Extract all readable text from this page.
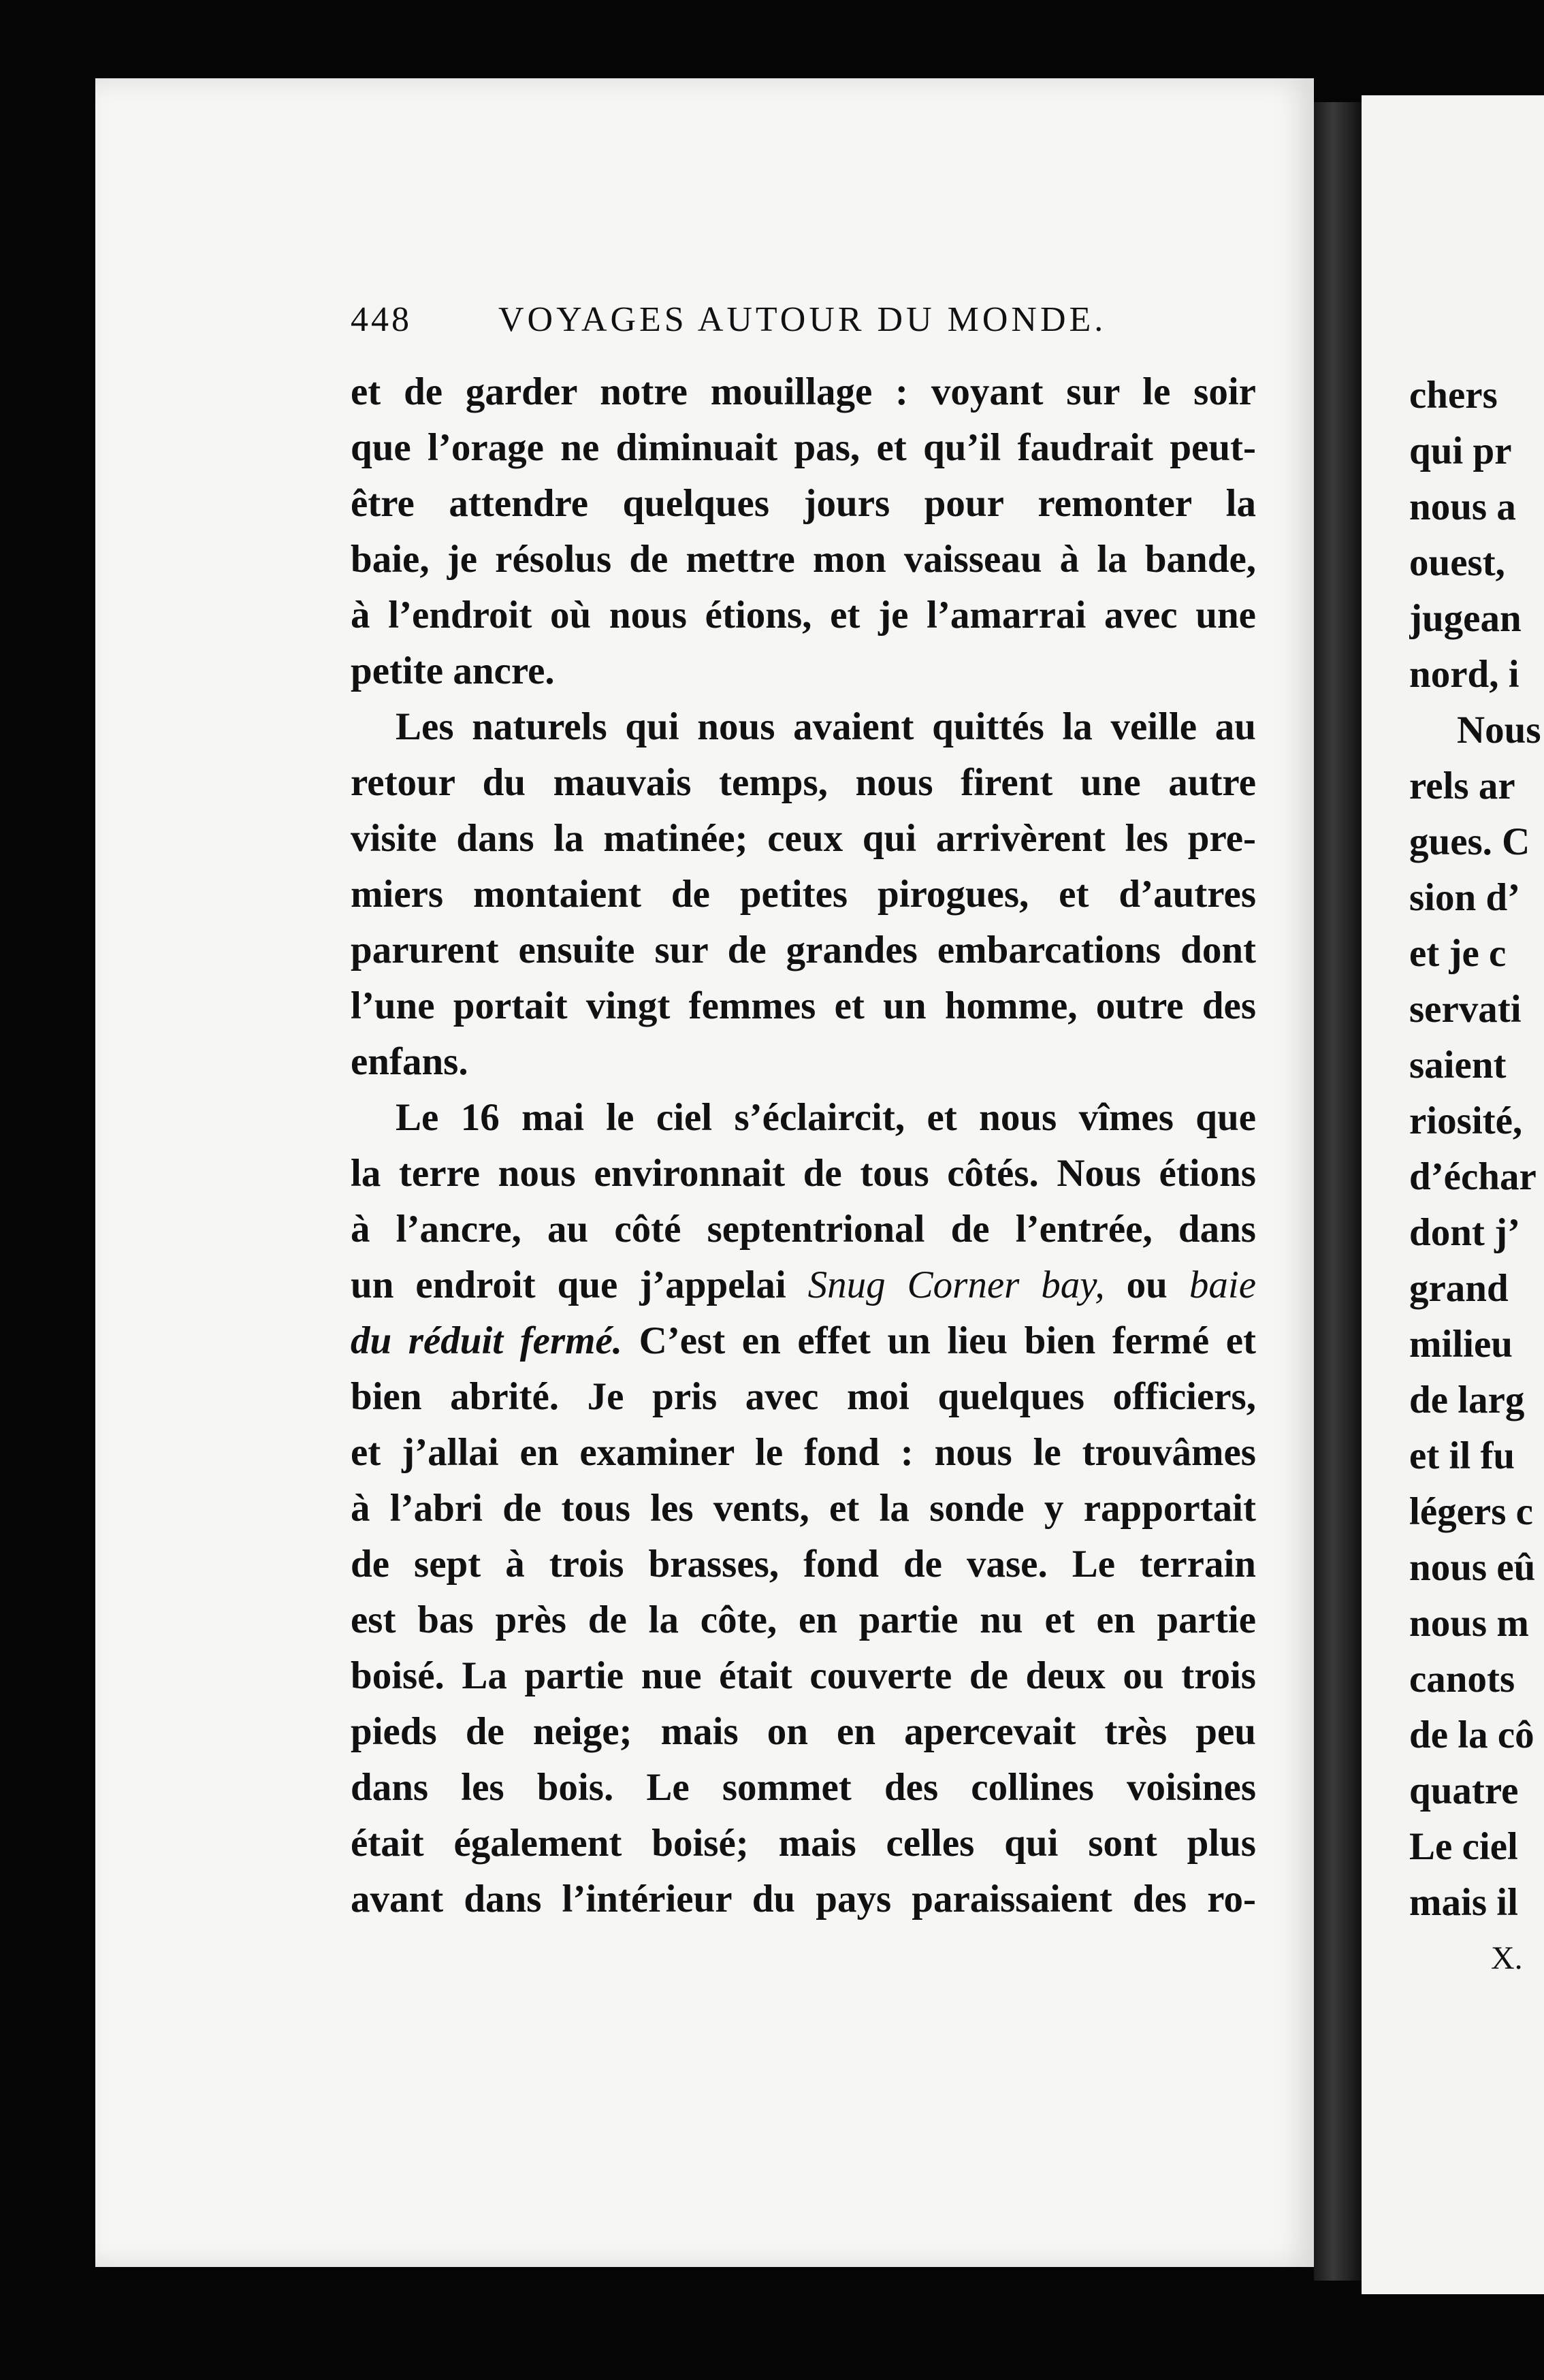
448 VOYAGES AUTOUR DU MONDE.
et de garder notre mouillage : voyant sur le soir
que l’orage ne diminuait pas, et qu’il faudrait peut-
être attendre quelques jours pour remonter la
baie, je résolus de mettre mon vaisseau à la bande,
à l’endroit où nous étions, et je l’amarrai avec une
petite ancre.
Les naturels qui nous avaient quittés la veille au
retour du mauvais temps, nous firent une autre
visite dans la matinée; ceux qui arrivèrent les pre-
miers montaient de petites pirogues, et d’autres
parurent ensuite sur de grandes embarcations dont
l’une portait vingt femmes et un homme, outre des
enfans.
Le 16 mai le ciel s’éclaircit, et nous vîmes que
la terre nous environnait de tous côtés. Nous étions
à l’ancre, au côté septentrional de l’entrée, dans
un endroit que j’appelai Snug Corner bay, ou baie
du réduit fermé. C’est en effet un lieu bien fermé et
bien abrité. Je pris avec moi quelques officiers,
et j’allai en examiner le fond : nous le trouvâmes
à l’abri de tous les vents, et la sonde y rapportait
de sept à trois brasses, fond de vase. Le terrain
est bas près de la côte, en partie nu et en partie
boisé. La partie nue était couverte de deux ou trois
pieds de neige; mais on en apercevait très peu
dans les bois. Le sommet des collines voisines
était également boisé; mais celles qui sont plus
avant dans l’intérieur du pays paraissaient des ro-
chers
qui pr
nous a
ouest,
jugean
nord, i
Nous
rels ar
gues. C
sion d’
et je c
servati
saient
riosité,
d’échar
dont j’
grand
milieu
de larg
et il fu
légers c
nous eû
nous m
canots
de la cô
quatre
Le ciel
mais il
X.
